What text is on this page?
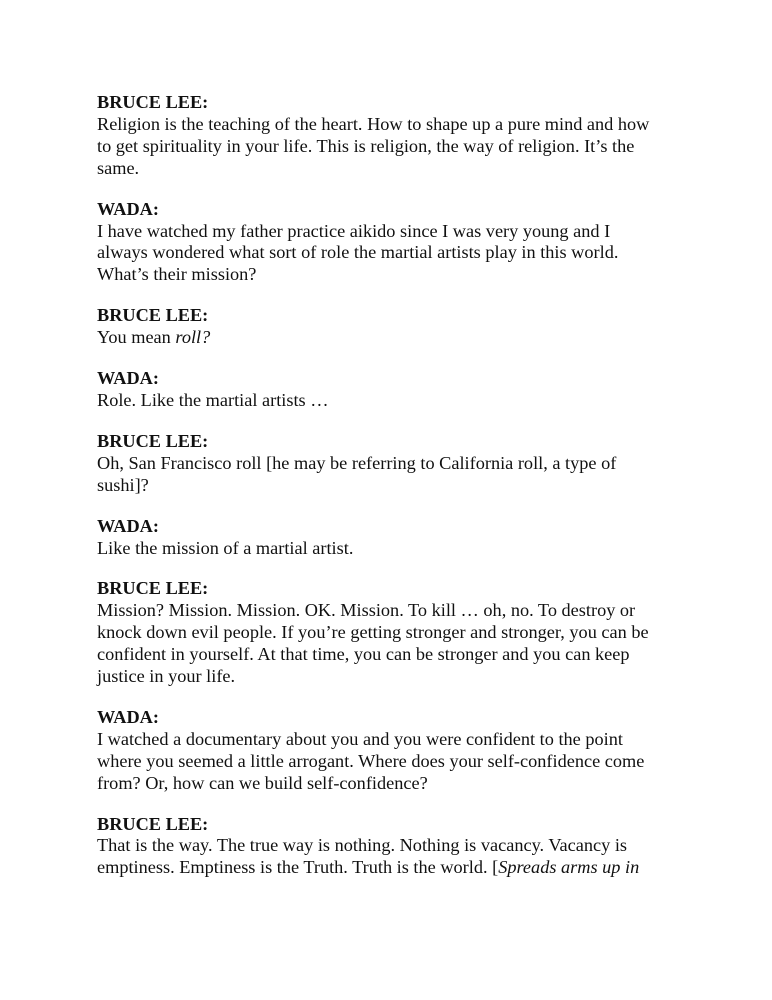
BRUCE LEE:

Religion is the teaching of the heart. How to shape up a pure mind and how

to get spirituality in your life. This is religion, the way of religion. It’s the

same.

WADA:

I have watched my father practice aikido since I was very young and I

always wondered what sort of role the martial artists play in this world.

What’s their mission?

BRUCE LEE:

You mean roll?

WADA:

Role. Like the martial artists …

BRUCE LEE:

Oh, San Francisco roll [he may be referring to California roll, a type of

sushi]?

WADA:

Like the mission of a martial artist.

BRUCE LEE:

Mission? Mission. Mission. OK. Mission. To kill … oh, no. To destroy or

knock down evil people. If you’re getting stronger and stronger, you can be

confident in yourself. At that time, you can be stronger and you can keep

justice in your life.

WADA:

I watched a documentary about you and you were confident to the point

where you seemed a little arrogant. Where does your self-confidence come

from? Or, how can we build self-confidence?

BRUCE LEE:

That is the way. The true way is nothing. Nothing is vacancy. Vacancy is

emptiness. Emptiness is the Truth. Truth is the world. [Spreads arms up in
